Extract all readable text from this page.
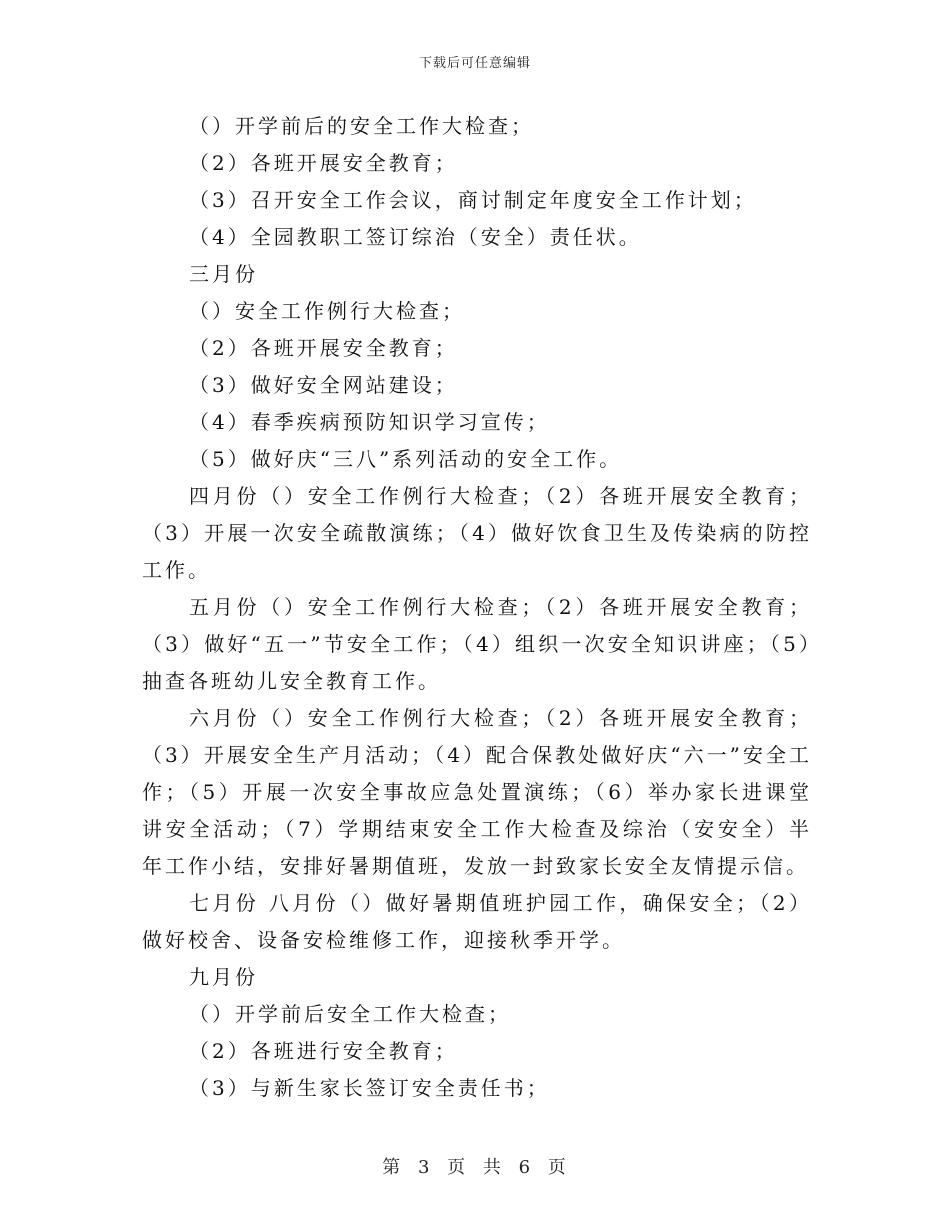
下载后可任意编辑

（）开学前后的安全工作大检查；

（2）各班开展安全教育；

（3）召开安全工作会议，商讨制定年度安全工作计划；

（4）全园教职工签订综治（安全）责任状。

三月份

（）安全工作例行大检查；

（2）各班开展安全教育；

（3）做好安全网站建设；

（4）春季疾病预防知识学习宣传；

（5）做好庆“三八”系列活动的安全工作。

四月份（）安全工作例行大检查；（2）各班开展安全教育；（3）开展一次安全疏散演练；（4）做好饮食卫生及传染病的防控工作。

五月份（）安全工作例行大检查；（2）各班开展安全教育；（3）做好“五一”节安全工作；（4）组织一次安全知识讲座；（5）抽查各班幼儿安全教育工作。

六月份（）安全工作例行大检查；（2）各班开展安全教育；（3）开展安全生产月活动；（4）配合保教处做好庆“六一”安全工作；（5）开展一次安全事故应急处置演练；（6）举办家长进课堂讲安全活动；（7）学期结束安全工作大检查及综治（安安全）半年工作小结，安排好暑期值班，发放一封致家长安全友情提示信。

七月份 八月份（）做好暑期值班护园工作，确保安全；（2）做好校舍、设备安检维修工作，迎接秋季开学。

九月份

（）开学前后安全工作大检查；

（2）各班进行安全教育；

（3）与新生家长签订安全责任书；

第 3 页 共 6 页
